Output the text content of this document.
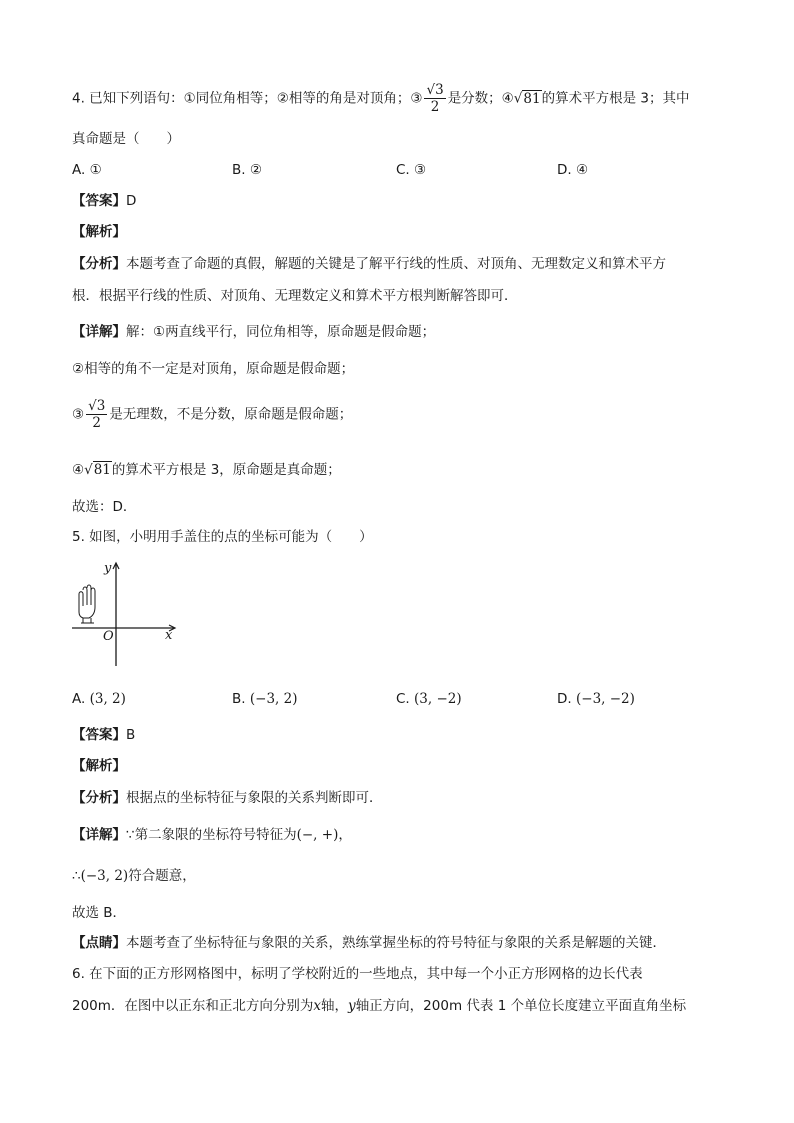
4. 已知下列语句：①同位角相等；②相等的角是对顶角；③ $\frac{√3}{2}$ 是分数；④√81的算术平方根是 3；其中
真命题是（　　）
A. ①	B. ②	C. ③	D. ④
【答案】D
【解析】
【分析】本题考查了命题的真假，解题的关键是了解平行线的性质、对顶角、无理数定义和算术平方
根．根据平行线的性质、对顶角、无理数定义和算术平方根判断解答即可．
【详解】解：①两直线平行，同位角相等，原命题是假命题；
②相等的角不一定是对顶角，原命题是假命题；
③ $\frac{√3}{2}$ 是无理数，不是分数，原命题是假命题；
④√81的算术平方根是 3，原命题是真命题；
故选：D．
5. 如图，小明用手盖住的点的坐标可能为（　　）
y
x
O
A. (3, 2)	B. (−3, 2)	C. (3, −2)	D. (−3, −2)
【答案】B
【解析】
【分析】根据点的坐标特征与象限的关系判断即可．
【详解】∵第二象限的坐标符号特征为(−, +)，
∴(−3, 2)符合题意，
故选 B．
【点睛】本题考查了坐标特征与象限的关系，熟练掌握坐标的符号特征与象限的关系是解题的关键．
6. 在下面的正方形网格图中，标明了学校附近的一些地点，其中每一个小正方形网格的边长代表
200m．在图中以正东和正北方向分别为x轴，y轴正方向，200m 代表 1 个单位长度建立平面直角坐标
